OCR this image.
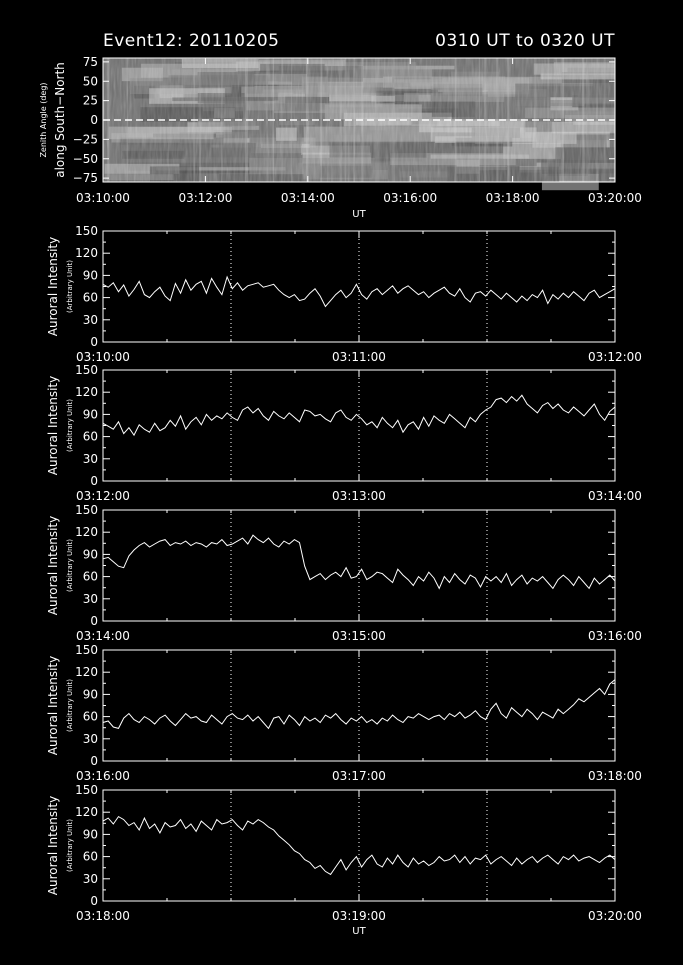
Event12: 20110205	0310 UT to 0320 UT
75
50
25
0
−25
−50
−75
03:10:00	03:12:00	03:14:00	03:16:00	03:18:00	03:20:00
UT
Zenith Angle (deg) along South−North
150
120
90
60
30
0
03:10:00	03:11:00	03:12:00
Auroral Intensity (Arbitrary Unit)
150
120
90
60
30
0
03:12:00	03:13:00	03:14:00
Auroral Intensity (Arbitrary Unit)
150
120
90
60
30
0
03:14:00	03:15:00	03:16:00
Auroral Intensity (Arbitrary Unit)
150
120
90
60
30
0
03:16:00	03:17:00	03:18:00
Auroral Intensity (Arbitrary Unit)
150
120
90
60
30
0
03:18:00	03:19:00	03:20:00
Auroral Intensity (Arbitrary Unit)
UT
